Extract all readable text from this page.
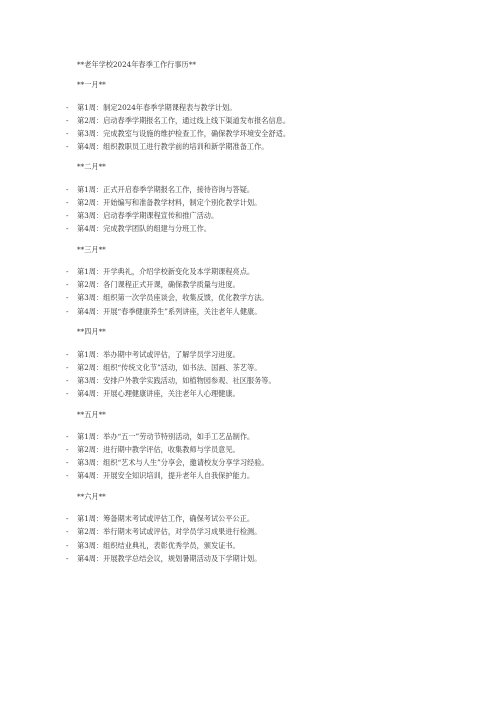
**老年学校2024年春季工作行事历**
**一月**
- 第1周：制定2024年春季学期课程表与教学计划。
- 第2周：启动春季学期报名工作，通过线上线下渠道发布报名信息。
- 第3周：完成教室与设施的维护检查工作，确保教学环境安全舒适。
- 第4周：组织教职员工进行教学前的培训和新学期准备工作。
**二月**
- 第1周：正式开启春季学期报名工作，接待咨询与答疑。
- 第2周：开始编写和准备教学材料，制定个别化教学计划。
- 第3周：启动春季学期课程宣传和推广活动。
- 第4周：完成教学团队的组建与分班工作。
**三月**
- 第1周：开学典礼，介绍学校新变化及本学期课程亮点。
- 第2周：各门课程正式开课，确保教学质量与进度。
- 第3周：组织第一次学员座谈会，收集反馈，优化教学方法。
- 第4周：开展“春季健康养生”系列讲座，关注老年人健康。
**四月**
- 第1周：举办期中考试或评估，了解学员学习进度。
- 第2周：组织“传统文化节”活动，如书法、国画、茶艺等。
- 第3周：安排户外教学实践活动，如植物园参观、社区服务等。
- 第4周：开展心理健康讲座，关注老年人心理健康。
**五月**
- 第1周：举办“五一”劳动节特别活动，如手工艺品制作。
- 第2周：进行期中教学评估，收集教师与学员意见。
- 第3周：组织“艺术与人生”分享会，邀请校友分享学习经验。
- 第4周：开展安全知识培训，提升老年人自我保护能力。
**六月**
- 第1周：筹备期末考试或评估工作，确保考试公平公正。
- 第2周：举行期末考试或评估，对学员学习成果进行检测。
- 第3周：组织结业典礼，表彰优秀学员，颁发证书。
- 第4周：开展教学总结会议，规划暑期活动及下学期计划。
